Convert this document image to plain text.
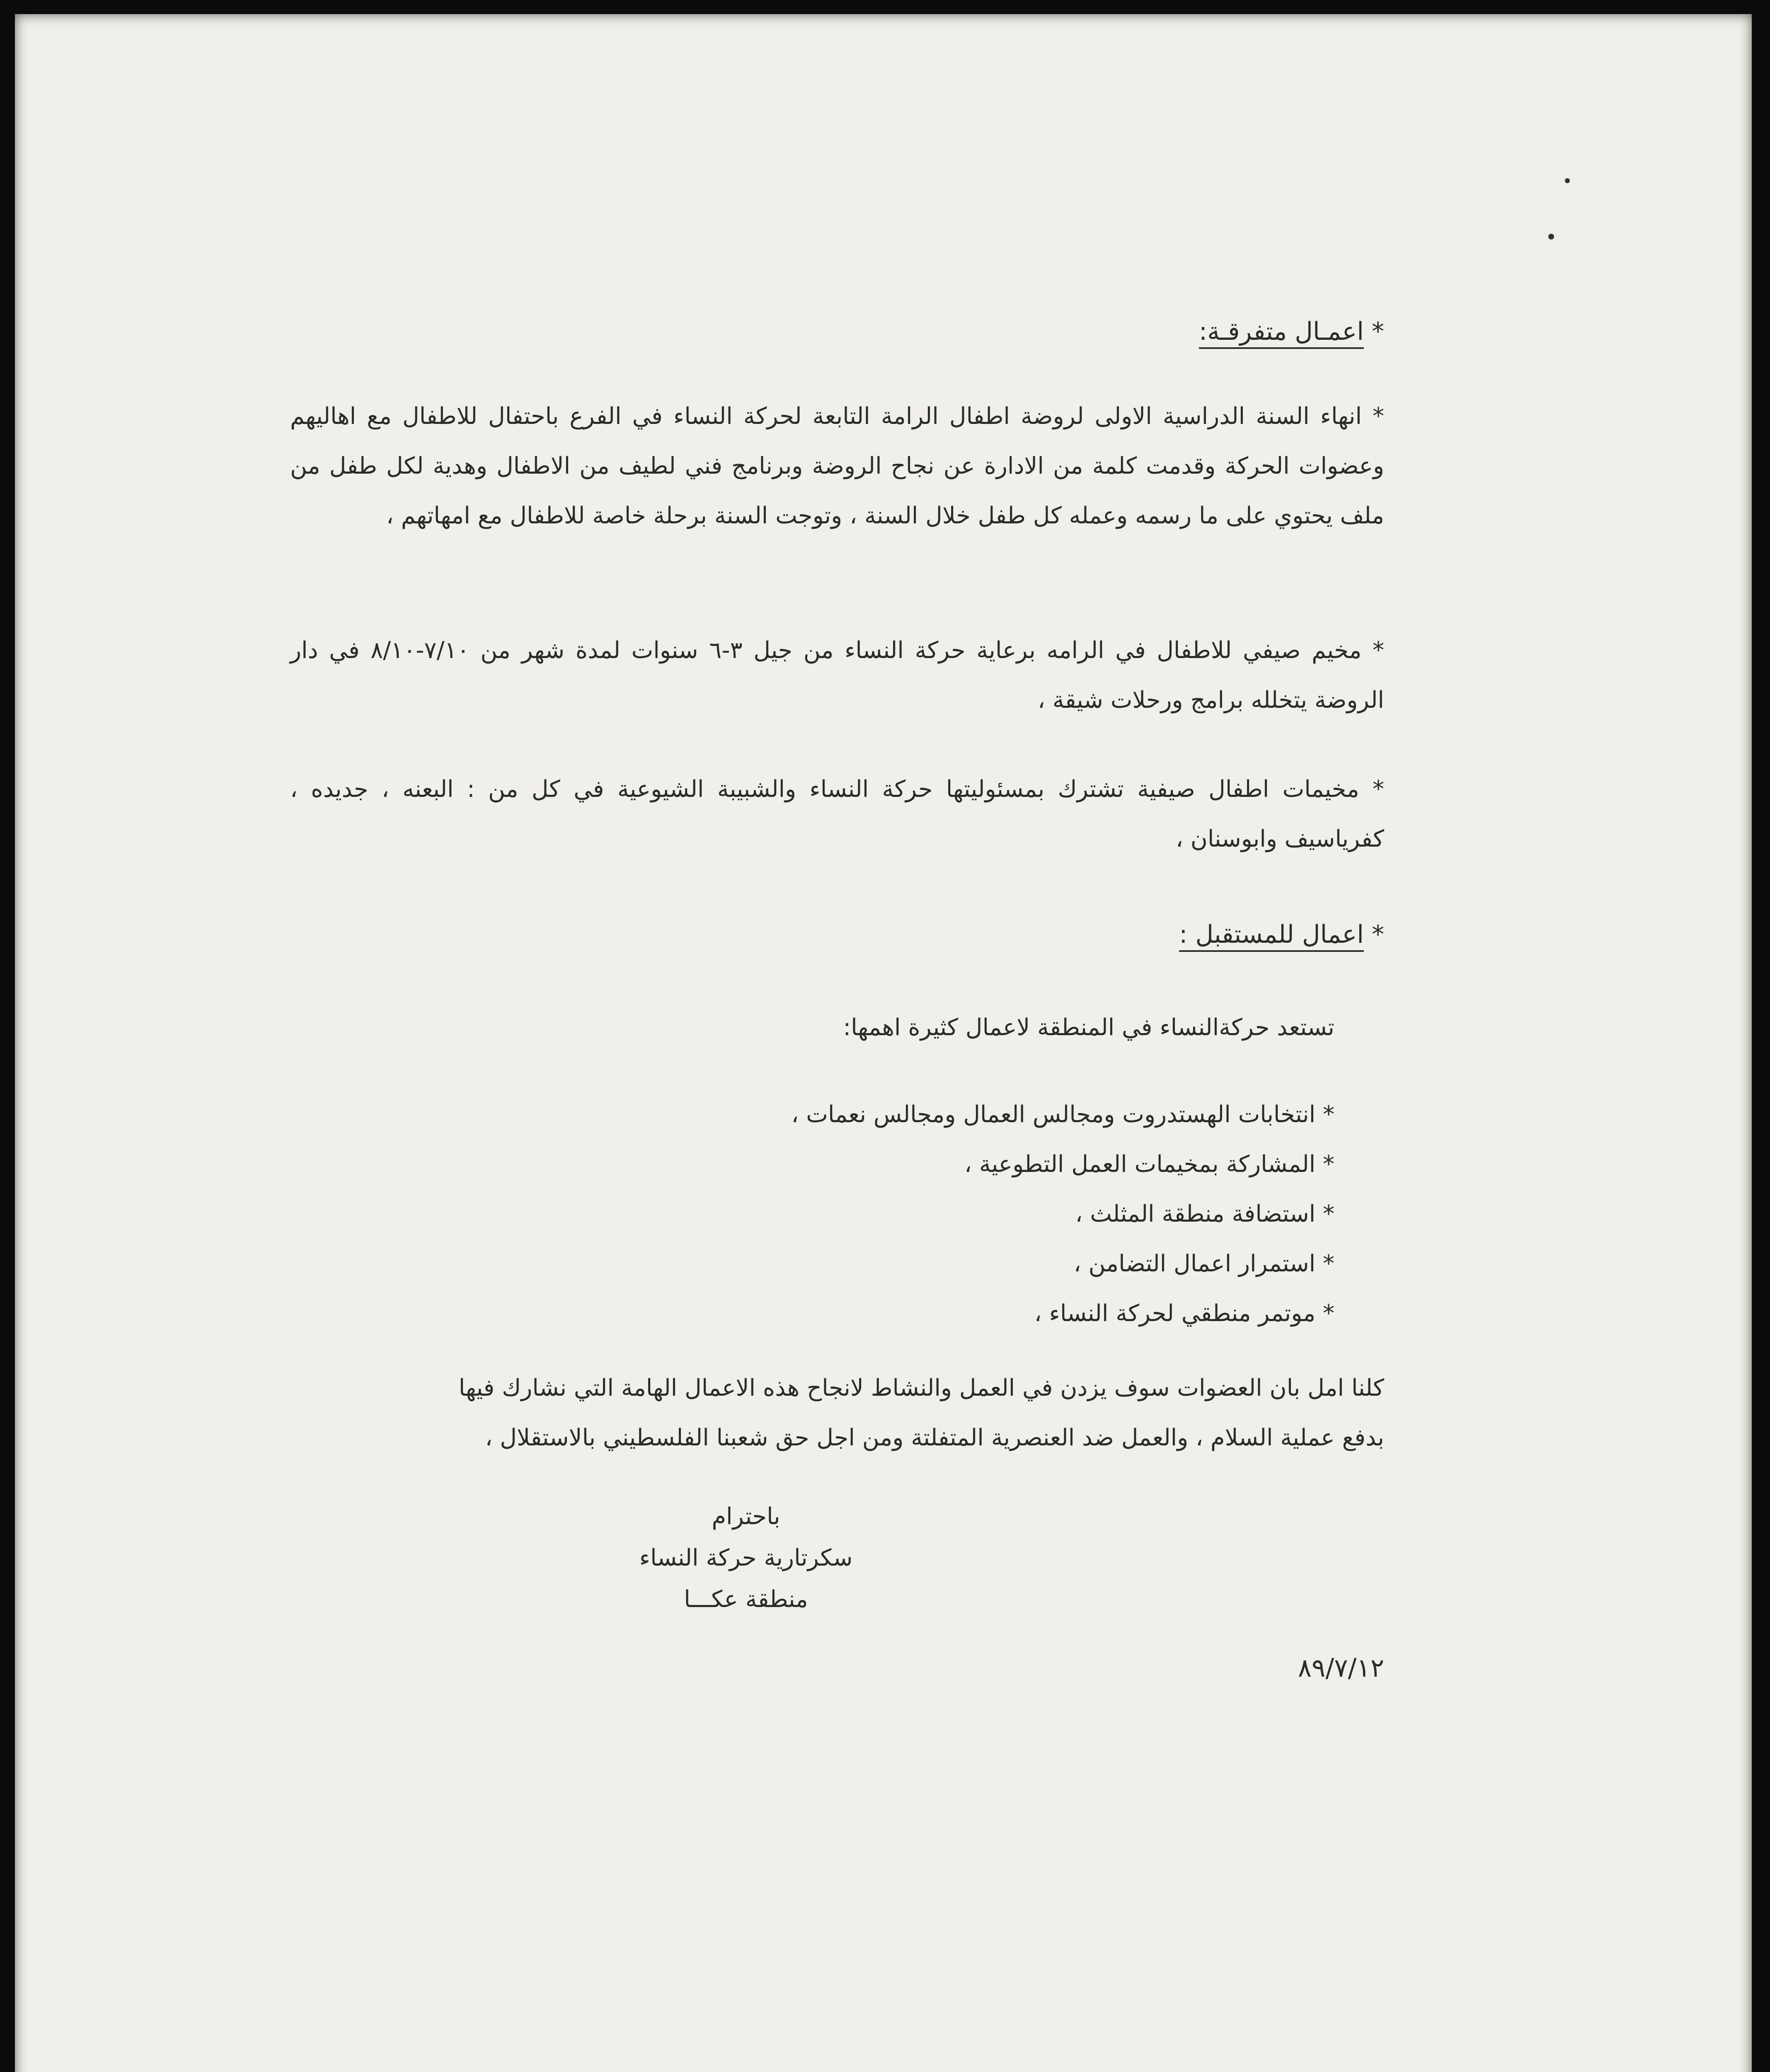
* اعمـال متفرقـة:
* انهاء السنة الدراسية الاولى لروضة اطفال الرامة التابعة لحركة النساء في الفرع باحتفال للاطفال مع اهاليهم وعضوات الحركة وقدمت كلمة من الادارة عن نجاح الروضة وبرنامج فني لطيف من الاطفال وهدية لكل طفل من ملف يحتوي على ما رسمه وعمله كل طفل خلال السنة ، وتوجت السنة برحلة خاصة للاطفال مع امهاتهم ،
* مخيم صيفي للاطفال في الرامه برعاية حركة النساء من جيل ٣-٦ سنوات لمدة شهر من ٧/١٠-٨/١٠ في دار الروضة يتخلله برامج ورحلات شيقة ،
* مخيمات اطفال صيفية تشترك بمسئوليتها حركة النساء والشبيبة الشيوعية في كل من : البعنه ، جديده ، كفرياسيف وابوسنان ،
* اعمال للمستقبل :
تستعد حركةالنساء في المنطقة لاعمال كثيرة اهمها:
* انتخابات الهستدروت ومجالس العمال ومجالس نعمات ،
* المشاركة بمخيمات العمل التطوعية ،
* استضافة منطقة المثلث ،
* استمرار اعمال التضامن ،
* موتمر منطقي لحركة النساء ،
كلنا امل بان العضوات سوف يزدن في العمل والنشاط لانجاح هذه الاعمال الهامة التي نشارك فيها
بدفع عملية السلام ، والعمل ضد العنصرية المتفلتة ومن اجل حق شعبنا الفلسطيني بالاستقلال ،
باحترام
سكرتارية حركة النساء
منطقة عكـــا
٨٩/٧/١٢
